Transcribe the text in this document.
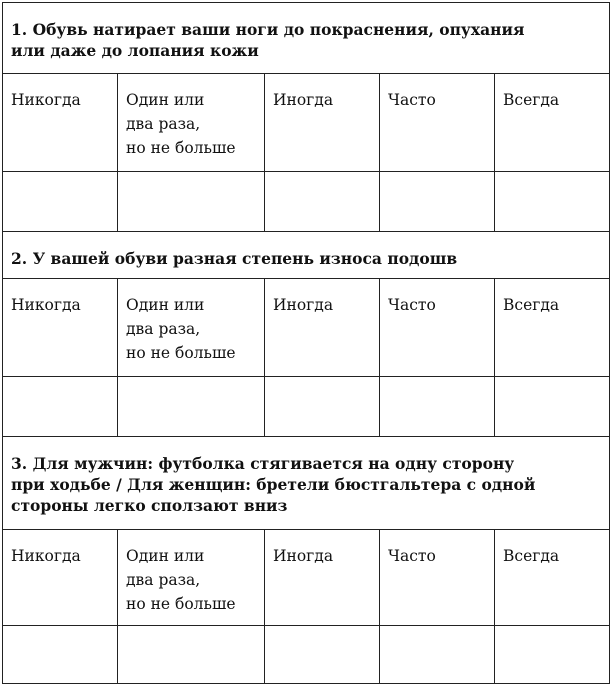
1. Обувь натирает ваши ноги до покраснения, опухания
или даже до лопания кожи				
Никогда	Один или
два раза,
но не больше	Иногда	Часто	Всегда

2. У вашей обуви разная степень износа подошв				
Никогда	Один или
два раза,
но не больше	Иногда	Часто	Всегда

3. Для мужчин: футболка стягивается на одну сторону
при ходьбе / Для женщин: бретели бюстгальтера с одной
стороны легко сползают вниз				
Никогда	Один или
два раза,
но не больше	Иногда	Часто	Всегда
